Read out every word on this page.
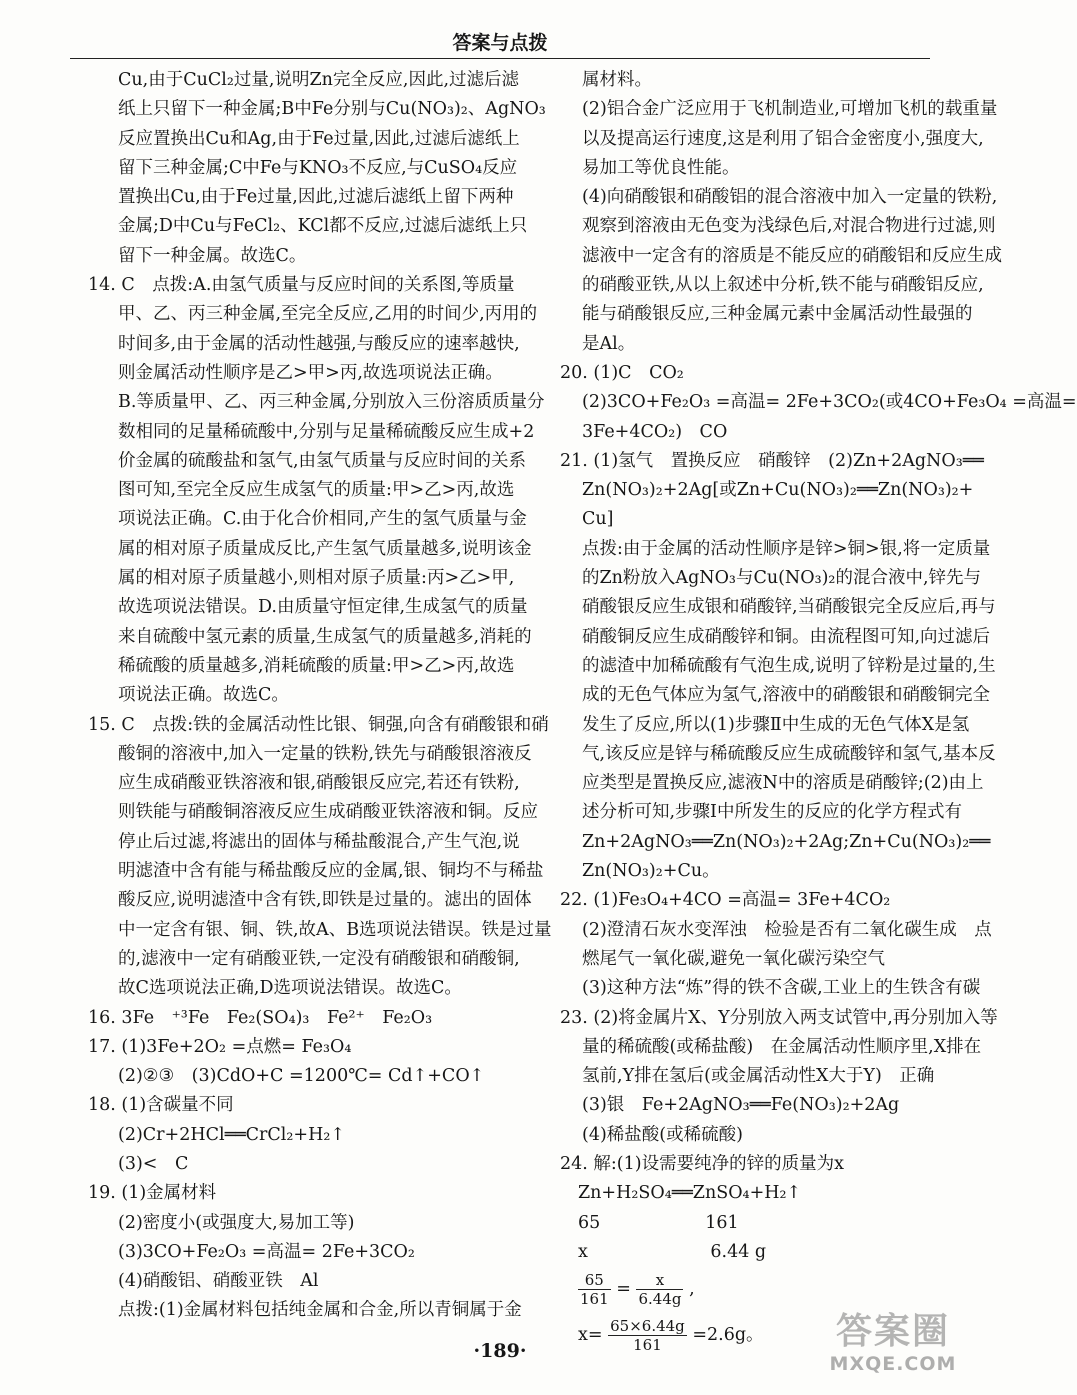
答案与点拨
Cu,由于CuCl₂过量,说明Zn完全反应,因此,过滤后滤
纸上只留下一种金属;B中Fe分别与Cu(NO₃)₂、AgNO₃
反应置换出Cu和Ag,由于Fe过量,因此,过滤后滤纸上
留下三种金属;C中Fe与KNO₃不反应,与CuSO₄反应
置换出Cu,由于Fe过量,因此,过滤后滤纸上留下两种
金属;D中Cu与FeCl₂、KCl都不反应,过滤后滤纸上只
留下一种金属。故选C。
14. C　点拨:A.由氢气质量与反应时间的关系图,等质量
甲、乙、丙三种金属,至完全反应,乙用的时间少,丙用的
时间多,由于金属的活动性越强,与酸反应的速率越快,
则金属活动性顺序是乙>甲>丙,故选项说法正确。
B.等质量甲、乙、丙三种金属,分别放入三份溶质质量分
数相同的足量稀硫酸中,分别与足量稀硫酸反应生成+2
价金属的硫酸盐和氢气,由氢气质量与反应时间的关系
图可知,至完全反应生成氢气的质量:甲>乙>丙,故选
项说法正确。C.由于化合价相同,产生的氢气质量与金
属的相对原子质量成反比,产生氢气质量越多,说明该金
属的相对原子质量越小,则相对原子质量:丙>乙>甲,
故选项说法错误。D.由质量守恒定律,生成氢气的质量
来自硫酸中氢元素的质量,生成氢气的质量越多,消耗的
稀硫酸的质量越多,消耗硫酸的质量:甲>乙>丙,故选
项说法正确。故选C。
15. C　点拨:铁的金属活动性比银、铜强,向含有硝酸银和硝
酸铜的溶液中,加入一定量的铁粉,铁先与硝酸银溶液反
应生成硝酸亚铁溶液和银,硝酸银反应完,若还有铁粉,
则铁能与硝酸铜溶液反应生成硝酸亚铁溶液和铜。反应
停止后过滤,将滤出的固体与稀盐酸混合,产生气泡,说
明滤渣中含有能与稀盐酸反应的金属,银、铜均不与稀盐
酸反应,说明滤渣中含有铁,即铁是过量的。滤出的固体
中一定含有银、铜、铁,故A、B选项说法错误。铁是过量
的,滤液中一定有硝酸亚铁,一定没有硝酸银和硝酸铜,
故C选项说法正确,D选项说法错误。故选C。
16. 3Fe　⁺³Fe　Fe₂(SO₄)₃　Fe²⁺　Fe₂O₃
17. (1)3Fe+2O₂ =点燃= Fe₃O₄
(2)②③　(3)CdO+C =1200℃= Cd↑+CO↑
18. (1)含碳量不同
(2)Cr+2HCl══CrCl₂+H₂↑
(3)<　C
19. (1)金属材料
(2)密度小(或强度大,易加工等)
(3)3CO+Fe₂O₃ =高温= 2Fe+3CO₂
(4)硝酸铝、硝酸亚铁　Al
点拨:(1)金属材料包括纯金属和合金,所以青铜属于金
属材料。
(2)铝合金广泛应用于飞机制造业,可增加飞机的载重量
以及提高运行速度,这是利用了铝合金密度小,强度大,
易加工等优良性能。
(4)向硝酸银和硝酸铝的混合溶液中加入一定量的铁粉,
观察到溶液由无色变为浅绿色后,对混合物进行过滤,则
滤液中一定含有的溶质是不能反应的硝酸铝和反应生成
的硝酸亚铁,从以上叙述中分析,铁不能与硝酸铝反应,
能与硝酸银反应,三种金属元素中金属活动性最强的
是Al。
20. (1)C　CO₂
(2)3CO+Fe₂O₃ =高温= 2Fe+3CO₂(或4CO+Fe₃O₄ =高温=
3Fe+4CO₂)　CO
21. (1)氢气　置换反应　硝酸锌　(2)Zn+2AgNO₃══
Zn(NO₃)₂+2Ag[或Zn+Cu(NO₃)₂══Zn(NO₃)₂+
Cu]
点拨:由于金属的活动性顺序是锌>铜>银,将一定质量
的Zn粉放入AgNO₃与Cu(NO₃)₂的混合液中,锌先与
硝酸银反应生成银和硝酸锌,当硝酸银完全反应后,再与
硝酸铜反应生成硝酸锌和铜。由流程图可知,向过滤后
的滤渣中加稀硫酸有气泡生成,说明了锌粉是过量的,生
成的无色气体应为氢气,溶液中的硝酸银和硝酸铜完全
发生了反应,所以(1)步骤Ⅱ中生成的无色气体X是氢
气,该反应是锌与稀硫酸反应生成硫酸锌和氢气,基本反
应类型是置换反应,滤液N中的溶质是硝酸锌;(2)由上
述分析可知,步骤Ⅰ中所发生的反应的化学方程式有
Zn+2AgNO₃══Zn(NO₃)₂+2Ag;Zn+Cu(NO₃)₂══
Zn(NO₃)₂+Cu。
22. (1)Fe₃O₄+4CO =高温= 3Fe+4CO₂
(2)澄清石灰水变浑浊　检验是否有二氧化碳生成　点
燃尾气一氧化碳,避免一氧化碳污染空气
(3)这种方法“炼”得的铁不含碳,工业上的生铁含有碳
23. (2)将金属片X、Y分别放入两支试管中,再分别加入等
量的稀硫酸(或稀盐酸)　在金属活动性顺序里,X排在
氢前,Y排在氢后(或金属活动性X大于Y)　正确
(3)银　Fe+2AgNO₃══Fe(NO₃)₂+2Ag
(4)稀盐酸(或稀硫酸)
24. 解:(1)设需要纯净的锌的质量为x
Zn+H₂SO₄══ZnSO₄+H₂↑
65　　　　　　161
x　　　　　　　6.44 g
$\frac{65}{161} = \frac{x}{6.44g}$ ,
$x= \frac{65\times 6.44g}{161} =2.6g$。
·189·	答案圈
MXQE.COM
